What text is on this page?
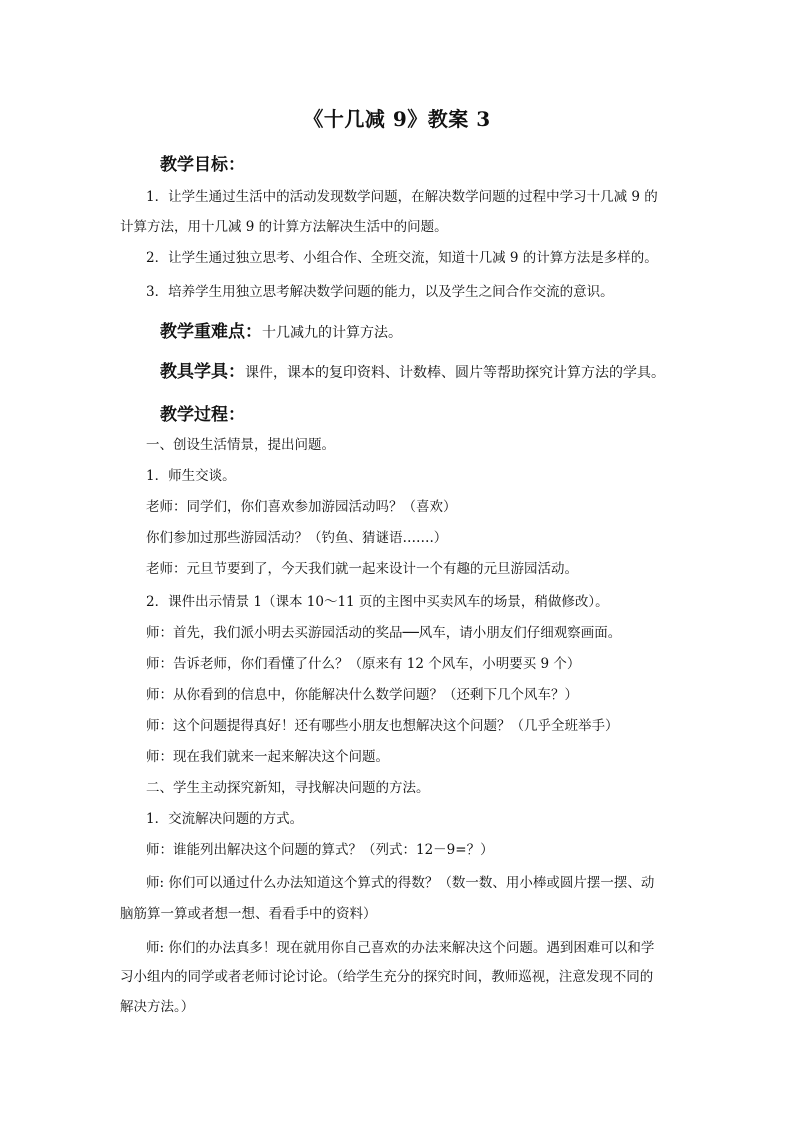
《十几减 9》教案 3
教学目标：
1．让学生通过生活中的活动发现数学问题，在解决数学问题的过程中学习十几减 9 的
计算方法，用十几减 9 的计算方法解决生活中的问题。
2．让学生通过独立思考、小组合作、全班交流，知道十几减 9 的计算方法是多样的。
3．培养学生用独立思考解决数学问题的能力，以及学生之间合作交流的意识。
教学重难点：十几减九的计算方法。
教具学具：课件，课本的复印资料、计数棒、圆片等帮助探究计算方法的学具。
教学过程：
一、创设生活情景，提出问题。
1．师生交谈。
老师：同学们，你们喜欢参加游园活动吗？（喜欢）
你们参加过那些游园活动？（钓鱼、猜谜语…….）
老师：元旦节要到了，今天我们就一起来设计一个有趣的元旦游园活动。
2．课件出示情景 1（课本 10～11 页的主图中买卖风车的场景，稍做修改）。
师：首先，我们派小明去买游园活动的奖品──风车，请小朋友们仔细观察画面。
师：告诉老师，你们看懂了什么？（原来有 12 个风车，小明要买 9 个）
师：从你看到的信息中，你能解决什么数学问题？（还剩下几个风车？）
师：这个问题提得真好！还有哪些小朋友也想解决这个问题？（几乎全班举手）
师：现在我们就来一起来解决这个问题。
二、学生主动探究新知，寻找解决问题的方法。
1．交流解决问题的方式。
师：谁能列出解决这个问题的算式？（列式：12－9=？）
师: 你们可以通过什么办法知道这个算式的得数？（数一数、用小棒或圆片摆一摆、动
脑筋算一算或者想一想、看看手中的资料）
师: 你们的办法真多！现在就用你自己喜欢的办法来解决这个问题。遇到困难可以和学
习小组内的同学或者老师讨论讨论。（给学生充分的探究时间，教师巡视，注意发现不同的
解决方法。）
